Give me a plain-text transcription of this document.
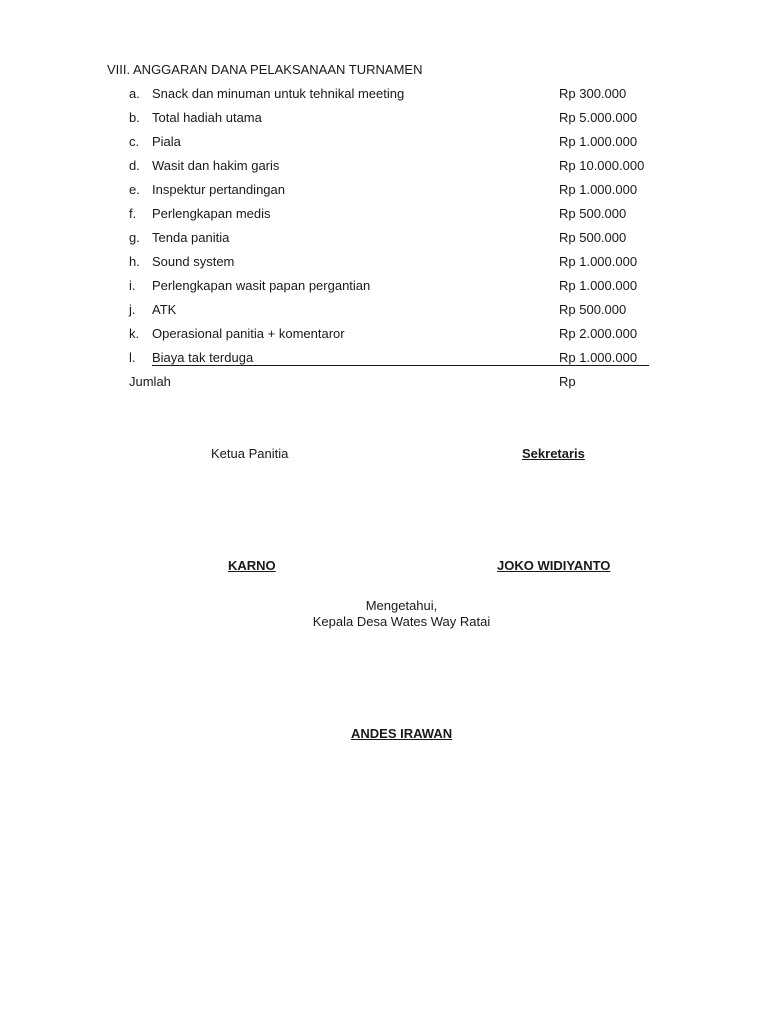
VIII. ANGGARAN DANA PELAKSANAAN TURNAMEN
a. Snack dan minuman untuk tehnikal meeting	Rp 300.000
b. Total hadiah utama	Rp 5.000.000
c. Piala	Rp 1.000.000
d. Wasit dan hakim garis	Rp 10.000.000
e. Inspektur pertandingan	Rp 1.000.000
f. Perlengkapan medis	Rp 500.000
g. Tenda panitia	Rp 500.000
h. Sound system	Rp 1.000.000
i. Perlengkapan wasit papan pergantian	Rp 1.000.000
j. ATK	Rp 500.000
k. Operasional panitia + komentaror	Rp 2.000.000
l. Biaya tak terduga	Rp 1.000.000
Jumlah	Rp
Ketua Panitia	Sekretaris
KARNO	JOKO WIDIYANTO
Mengetahui,
Kepala Desa Wates Way Ratai
ANDES IRAWAN
